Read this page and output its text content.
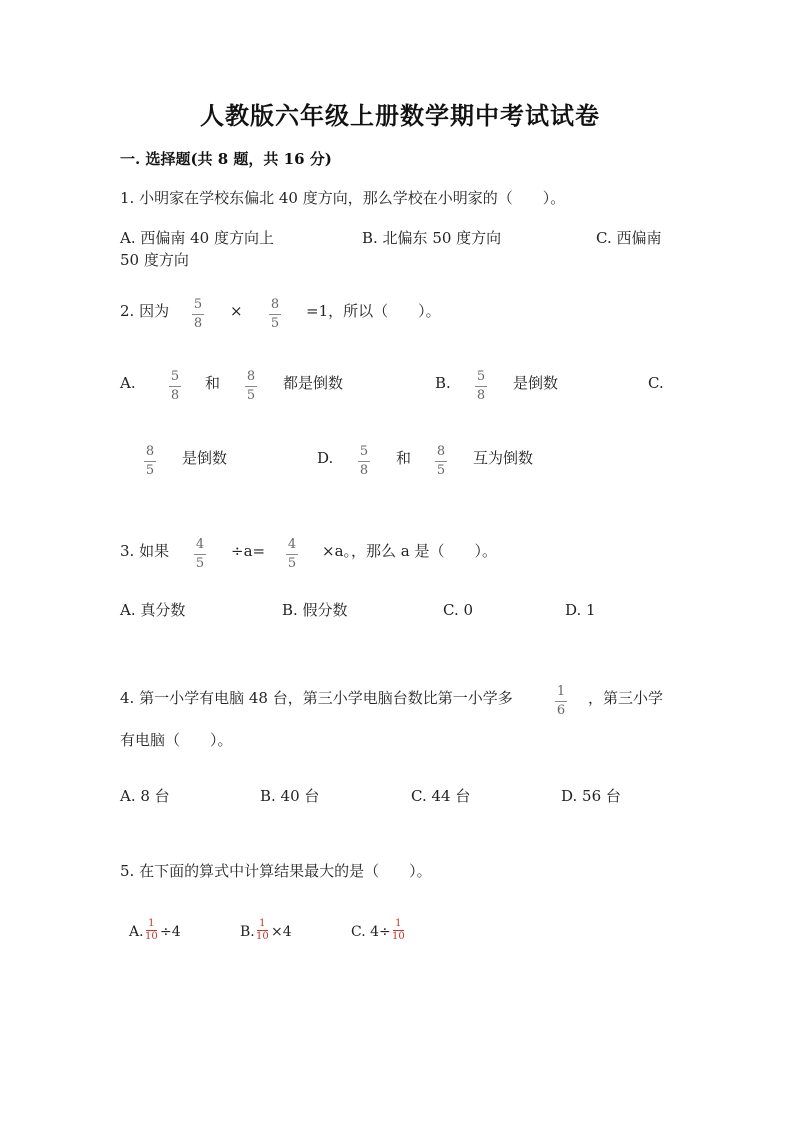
人教版六年级上册数学期中考试试卷
一. 选择题(共 8 题，共 16 分)
1. 小明家在学校东偏北 40 度方向，那么学校在小明家的（　　）。
A. 西偏南 40 度方向上	B. 北偏东 50 度方向	C. 西偏南
50 度方向
2. 因为 5
8
× 8
5
=1，所以（　　）。
A.	5
8
和 8
5
都是倒数	B. 5
8
是倒数	C.
8
5
是倒数	D. 5
8
和 8
5
互为倒数
3. 如果 4
5
÷a= 4
5
×a。，那么 a 是（　　）。
A. 真分数	B. 假分数	C. 0	D. 1
4. 第一小学有电脑 48 台，第三小学电脑台数比第一小学多	1
6
，第三小学
有电脑（　　）。
A. 8 台	B. 40 台	C. 44 台	D. 56 台
5. 在下面的算式中计算结果最大的是（　　）。
A.
1
10 ÷4	B.
1
10 ×4	C. 4÷
1
10
